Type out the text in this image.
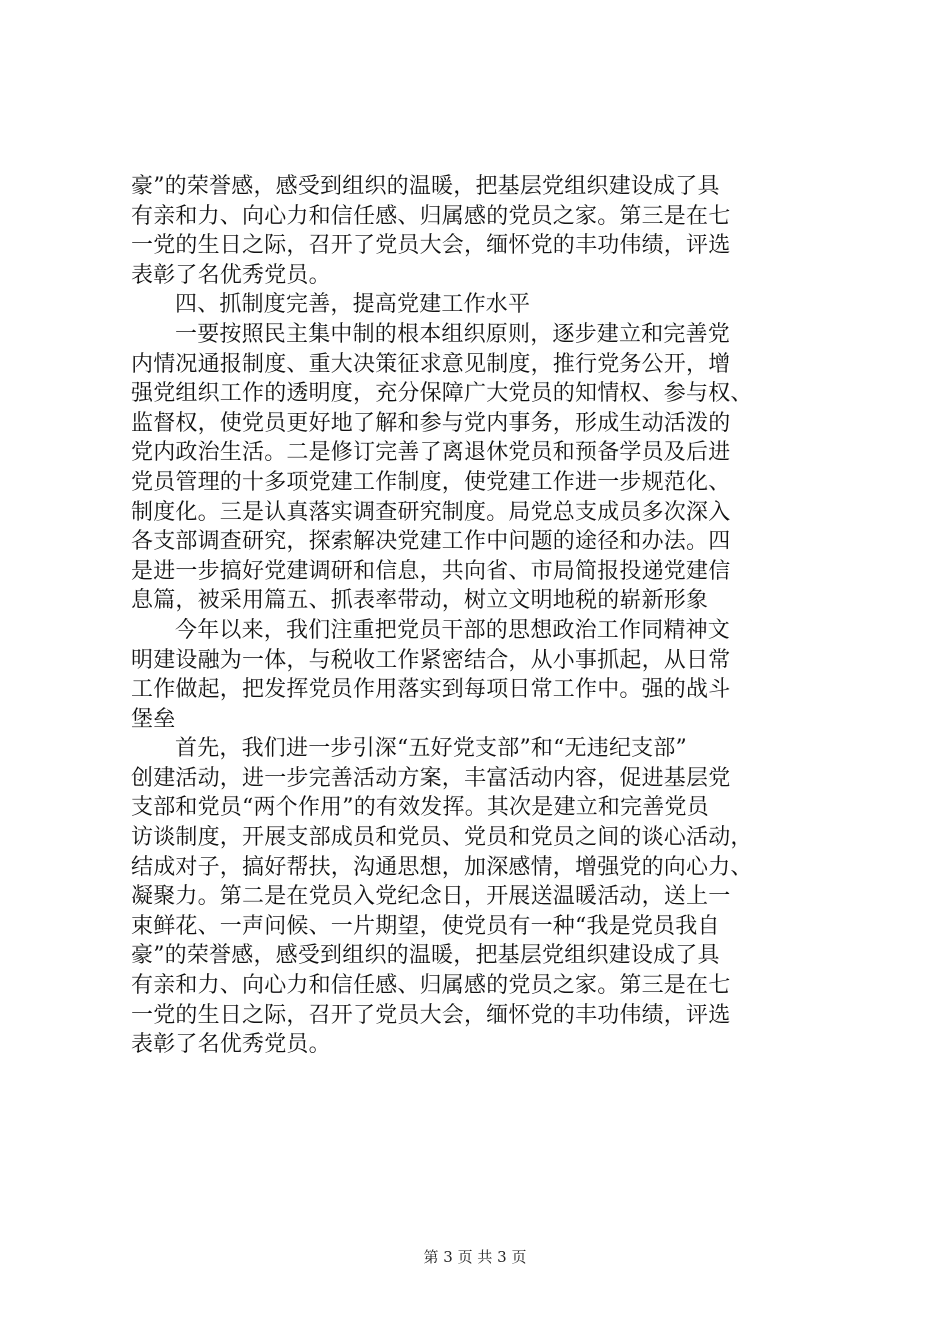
豪”的荣誉感，感受到组织的温暖，把基层党组织建设成了具
有亲和力、向心力和信任感、归属感的党员之家。第三是在七
一党的生日之际，召开了党员大会，缅怀党的丰功伟绩，评选
表彰了名优秀党员。
四、抓制度完善，提高党建工作水平
一要按照民主集中制的根本组织原则，逐步建立和完善党
内情况通报制度、重大决策征求意见制度，推行党务公开，增
强党组织工作的透明度，充分保障广大党员的知情权、参与权、
监督权，使党员更好地了解和参与党内事务，形成生动活泼的
党内政治生活。二是修订完善了离退休党员和预备学员及后进
党员管理的十多项党建工作制度，使党建工作进一步规范化、
制度化。三是认真落实调查研究制度。局党总支成员多次深入
各支部调查研究，探索解决党建工作中问题的途径和办法。四
是进一步搞好党建调研和信息，共向省、市局简报投递党建信
息篇，被采用篇五、抓表率带动，树立文明地税的崭新形象
今年以来，我们注重把党员干部的思想政治工作同精神文
明建设融为一体，与税收工作紧密结合，从小事抓起，从日常
工作做起，把发挥党员作用落实到每项日常工作中。强的战斗
堡垒
首先，我们进一步引深“五好党支部”和“无违纪支部”
创建活动，进一步完善活动方案，丰富活动内容，促进基层党
支部和党员“两个作用”的有效发挥。其次是建立和完善党员
访谈制度，开展支部成员和党员、党员和党员之间的谈心活动，
结成对子，搞好帮扶，沟通思想，加深感情，增强党的向心力、
凝聚力。第二是在党员入党纪念日，开展送温暖活动，送上一
束鲜花、一声问候、一片期望，使党员有一种“我是党员我自
豪”的荣誉感，感受到组织的温暖，把基层党组织建设成了具
有亲和力、向心力和信任感、归属感的党员之家。第三是在七
一党的生日之际，召开了党员大会，缅怀党的丰功伟绩，评选
表彰了名优秀党员。
第 3 页 共 3 页
